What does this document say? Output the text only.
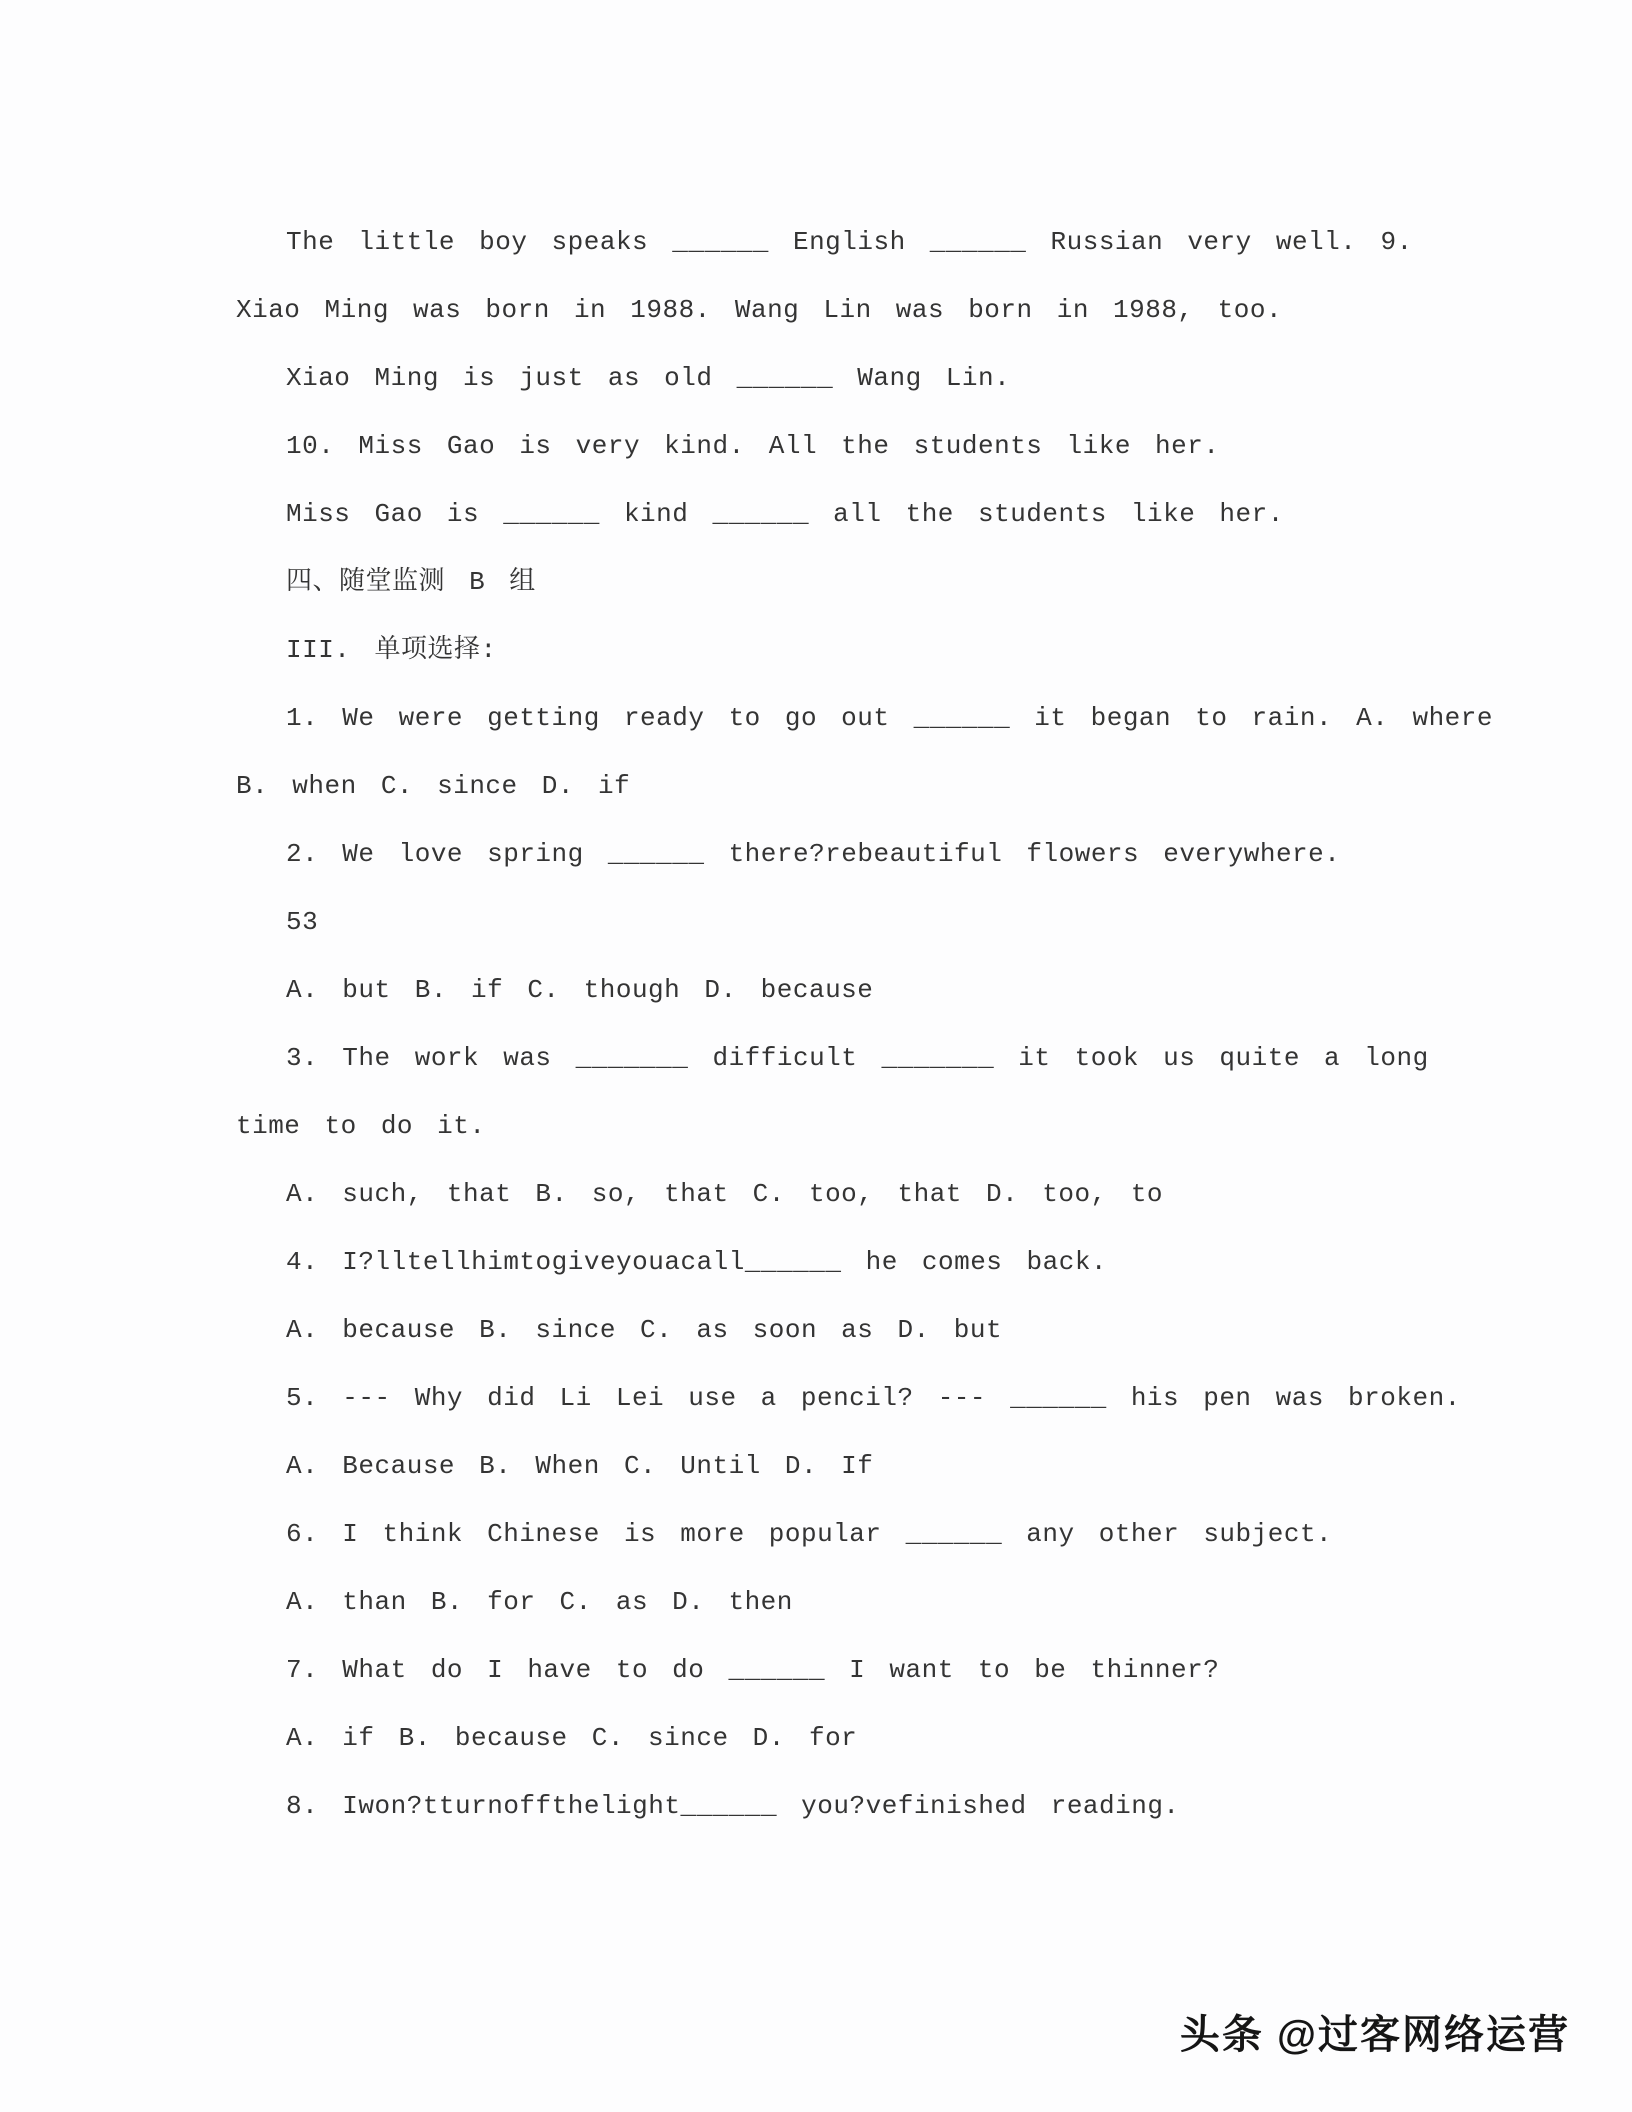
The little boy speaks ______ English ______ Russian very well. 9.
Xiao Ming was born in 1988. Wang Lin was born in 1988, too.
Xiao Ming is just as old ______ Wang Lin.
10. Miss Gao is very kind. All the students like her.
Miss Gao is ______ kind ______ all the students like her.
四、随堂监测 B 组
III. 单项选择:
1. We were getting ready to go out ______ it began to rain. A. where
B. when C. since D. if
2. We love spring ______ there?rebeautiful flowers everywhere.
53
A. but B. if C. though D. because
3. The work was _______ difficult _______ it took us quite a long
time to do it.
A. such, that B. so, that C. too, that D. too, to
4. I?lltellhimtogiveyouacall______ he comes back.
A. because B. since C. as soon as D. but
5. --- Why did Li Lei use a pencil? --- ______ his pen was broken.
A. Because B. When C. Until D. If
6. I think Chinese is more popular ______ any other subject.
A. than B. for C. as D. then
7. What do I have to do ______ I want to be thinner?
A. if B. because C. since D. for
8. Iwon?tturnoffthelight______ you?vefinished reading.
头条 @过客网络运营
